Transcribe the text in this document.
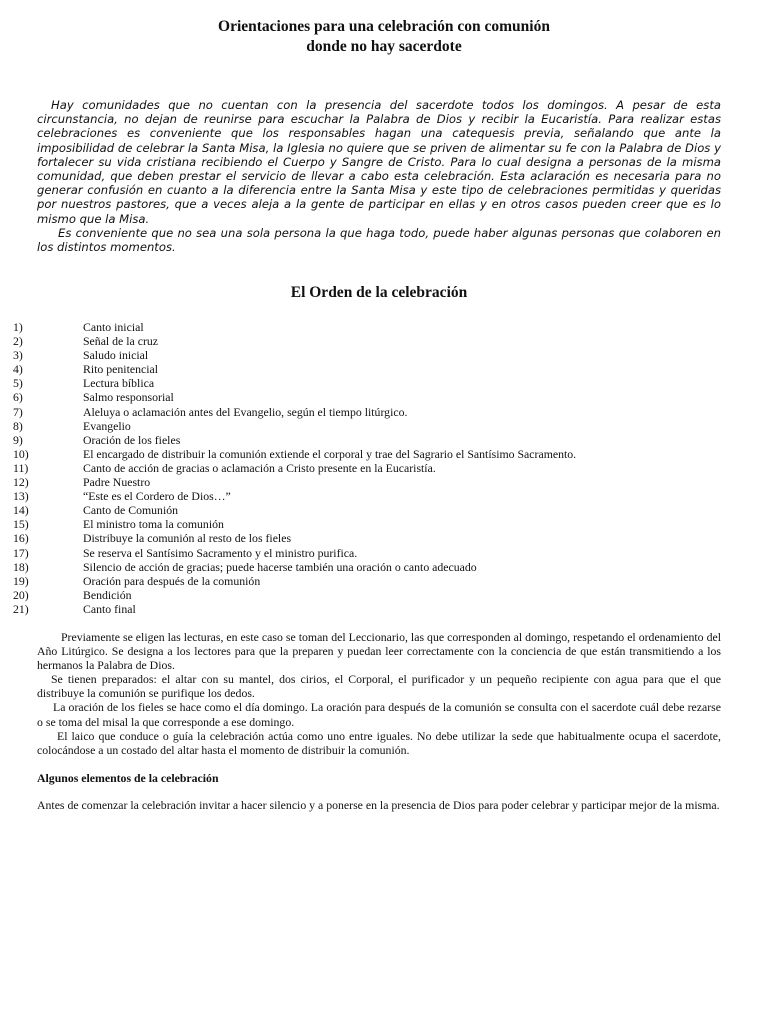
Orientaciones para una celebración con comunión
donde no hay sacerdote

Hay comunidades que no cuentan con la presencia del sacerdote todos los domingos. A pesar de esta circunstancia, no dejan de reunirse para escuchar la Palabra de Dios y recibir la Eucaristía. Para realizar estas celebraciones es conveniente que los responsables hagan una catequesis previa, señalando que ante la imposibilidad de celebrar la Santa Misa, la Iglesia no quiere que se priven de alimentar su fe con la Palabra de Dios y fortalecer su vida cristiana recibiendo el Cuerpo y Sangre de Cristo. Para lo cual designa a personas de la misma comunidad, que deben prestar el servicio de llevar a cabo esta celebración. Esta aclaración es necesaria para no generar confusión en cuanto a la diferencia entre la Santa Misa y este tipo de celebraciones permitidas y queridas por nuestros pastores, que a veces aleja a la gente de participar en ellas y en otros casos pueden creer que es lo mismo que la Misa.

Es conveniente que no sea una sola persona la que haga todo, puede haber algunas personas que colaboren en los distintos momentos.

El Orden de la celebración
1)	Canto inicial
2)	Señal de la cruz
3)	Saludo inicial
4)	Rito penitencial
5)	Lectura bíblica
6)	Salmo responsorial
7)	Aleluya o aclamación antes del Evangelio, según el tiempo litúrgico.
8)	Evangelio
9)	Oración de los fieles
10)	El encargado de distribuir la comunión extiende el corporal y trae del Sagrario el Santísimo Sacramento.
11)	Canto de acción de gracias o aclamación a Cristo presente en la Eucaristía.
12)	Padre Nuestro
13)	“Este es el Cordero de Dios…”
14)	Canto de Comunión
15)	El ministro toma la comunión
16)	Distribuye la comunión al resto de los fieles
17)	Se reserva el Santísimo Sacramento y el ministro purifica.
18)	Silencio de acción de gracias; puede hacerse también una oración o canto adecuado
19)	Oración para después de la comunión
20)	Bendición
21)	Canto final

Previamente se eligen las lecturas, en este caso se toman del Leccionario, las que corresponden al domingo, respetando el ordenamiento del Año Litúrgico. Se designa a los lectores para que la preparen y puedan leer correctamente con la conciencia de que están transmitiendo a los hermanos la Palabra de Dios.

Se tienen preparados: el altar con su mantel, dos cirios, el Corporal, el purificador y un pequeño recipiente con agua para que el que distribuye la comunión se purifique los dedos.

La oración de los fieles se hace como el día domingo. La oración para después de la comunión se consulta con el sacerdote cuál debe rezarse o se toma del misal la que corresponde a ese domingo.

El laico que conduce o guía la celebración actúa como uno entre iguales. No debe utilizar la sede que habitualmente ocupa el sacerdote, colocándose a un costado del altar hasta el momento de distribuir la comunión.

Algunos elementos de la celebración

Antes de comenzar la celebración invitar a hacer silencio y a ponerse en la presencia de Dios para poder celebrar y participar mejor de la misma.
